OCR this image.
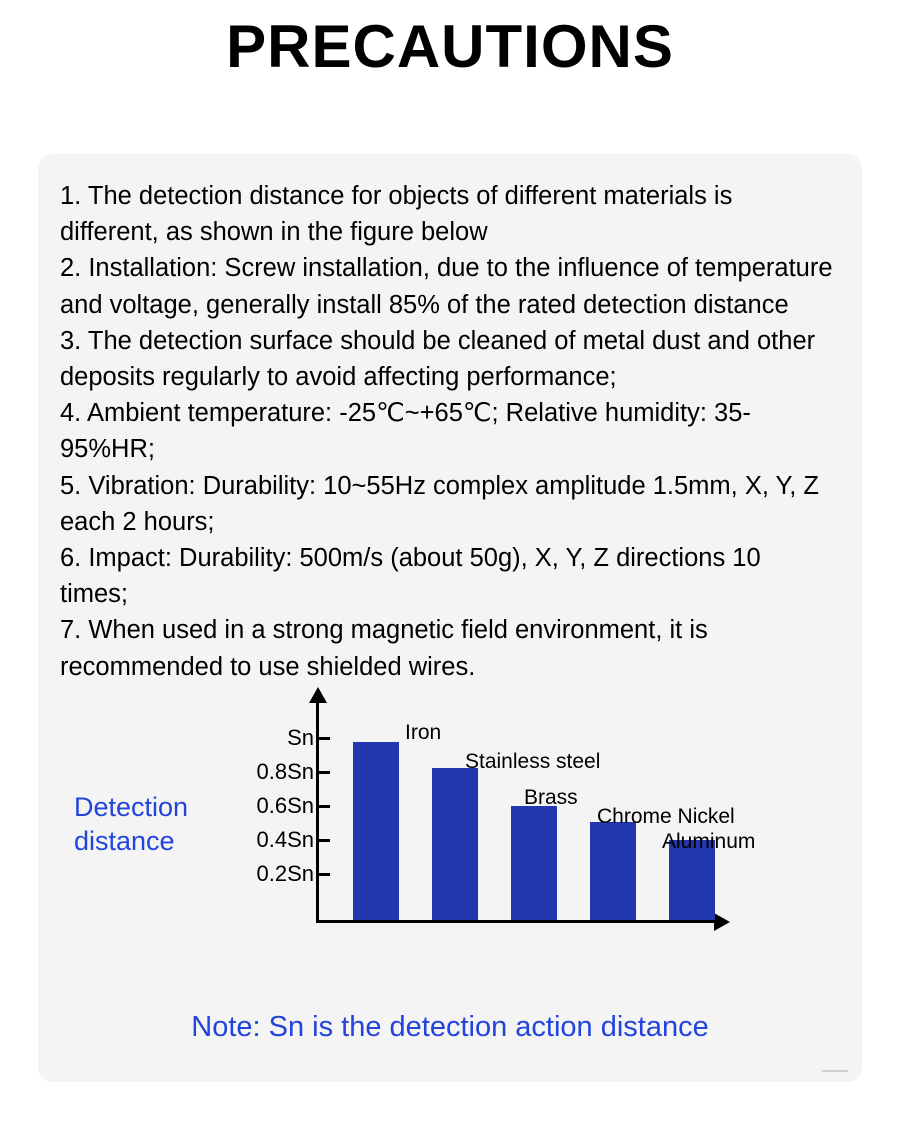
PRECAUTIONS

1. The detection distance for objects of different materials is different, as shown in the figure below

2. Installation: Screw installation, due to the influence of temperature and voltage, generally install 85% of the rated detection distance

3. The detection surface should be cleaned of metal dust and other deposits regularly to avoid affecting performance;

4. Ambient temperature: -25℃~+65℃; Relative humidity: 35-95%HR;

5. Vibration: Durability: 10~55Hz complex amplitude 1.5mm, X, Y, Z each 2 hours;

6. Impact: Durability: 500m/s (about 50g), X, Y, Z directions 10 times;

7. When used in a strong magnetic field environment, it is recommended to use shielded wires.

Detection distance
Sn
0.8Sn
0.6Sn
0.4Sn
0.2Sn
Iron
Stainless steel
Brass
Chrome Nickel
Aluminum
Note: Sn is the detection action distance
